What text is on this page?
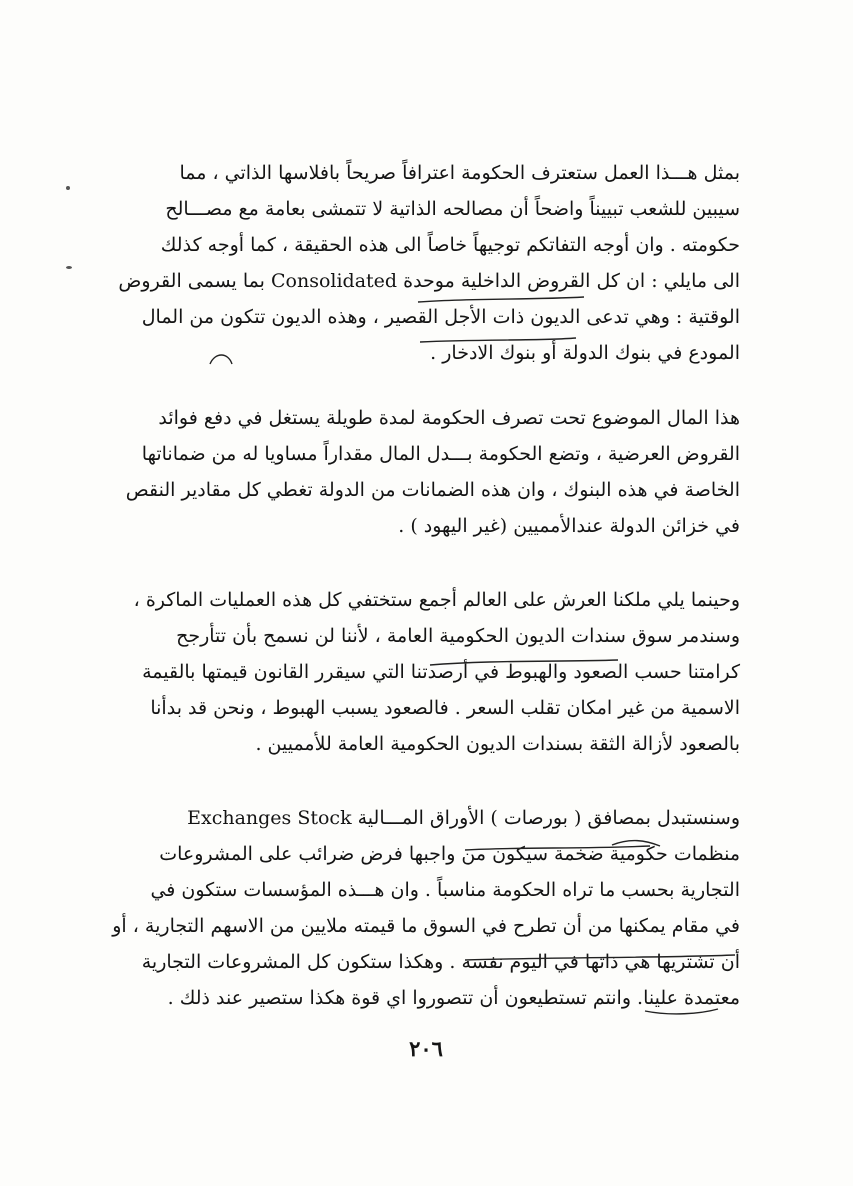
بمثل هـــذا العمل ستعترف الحكومة اعترافاً صريحاً بافلاسها الذاتي ، مما
سيبين للشعب تبييناً واضحاً أن مصالحه الذاتية لا تتمشى بعامة مع مصـــالح
حكومته . وان أوجه التفاتكم توجيهاً خاصاً الى هذه الحقيقة ، كما أوجه كذلك
الى مايلي : ان كل القروض الداخلية موحدة Consolidated بما يسمى القروض
الوقتية : وهي تدعى الديون ذات الأجل القصير ، وهذه الديون تتكون من المال
المودع في بنوك الدولة أو بنوك الادخار .
هذا المال الموضوع تحت تصرف الحكومة لمدة طويلة يستغل في دفع فوائد
القروض العرضية ، وتضع الحكومة بـــدل المال مقداراً مساويا له من ضماناتها
الخاصة في هذه البنوك ، وان هذه الضمانات من الدولة تغطي كل مقادير النقص
في خزائن الدولة عندالأمميين (غير اليهود ) .
وحينما يلي ملكنا العرش على العالم أجمع ستختفي كل هذه العمليات الماكرة ،
وسندمر سوق سندات الديون الحكومية العامة ، لأننا لن نسمح بأن تتأرجح
كرامتنا حسب الصعود والهبوط في أرصدتنا التي سيقرر القانون قيمتها بالقيمة
الاسمية من غير امكان تقلب السعر . فالصعود يسبب الهبوط ، ونحن قد بدأنا
بالصعود لأزالة الثقة بسندات الديون الحكومية العامة للأمميين .
وسنستبدل بمصافق ( بورصات ) الأوراق المـــالية Exchanges Stock
منظمات حكومية ضخمة سيكون من واجبها فرض ضرائب على المشروعات
التجارية بحسب ما تراه الحكومة مناسباً . وان هـــذه المؤسسات ستكون في
في مقام يمكنها من أن تطرح في السوق ما قيمته ملايين من الاسهم التجارية ، أو
أن تشتريها هي ذاتها في اليوم نفسه . وهكذا ستكون كل المشروعات التجارية
معتمدة علينا. وانتم تستطيعون أن تتصوروا اي قوة هكذا ستصير عند ذلك .
٢٠٦
